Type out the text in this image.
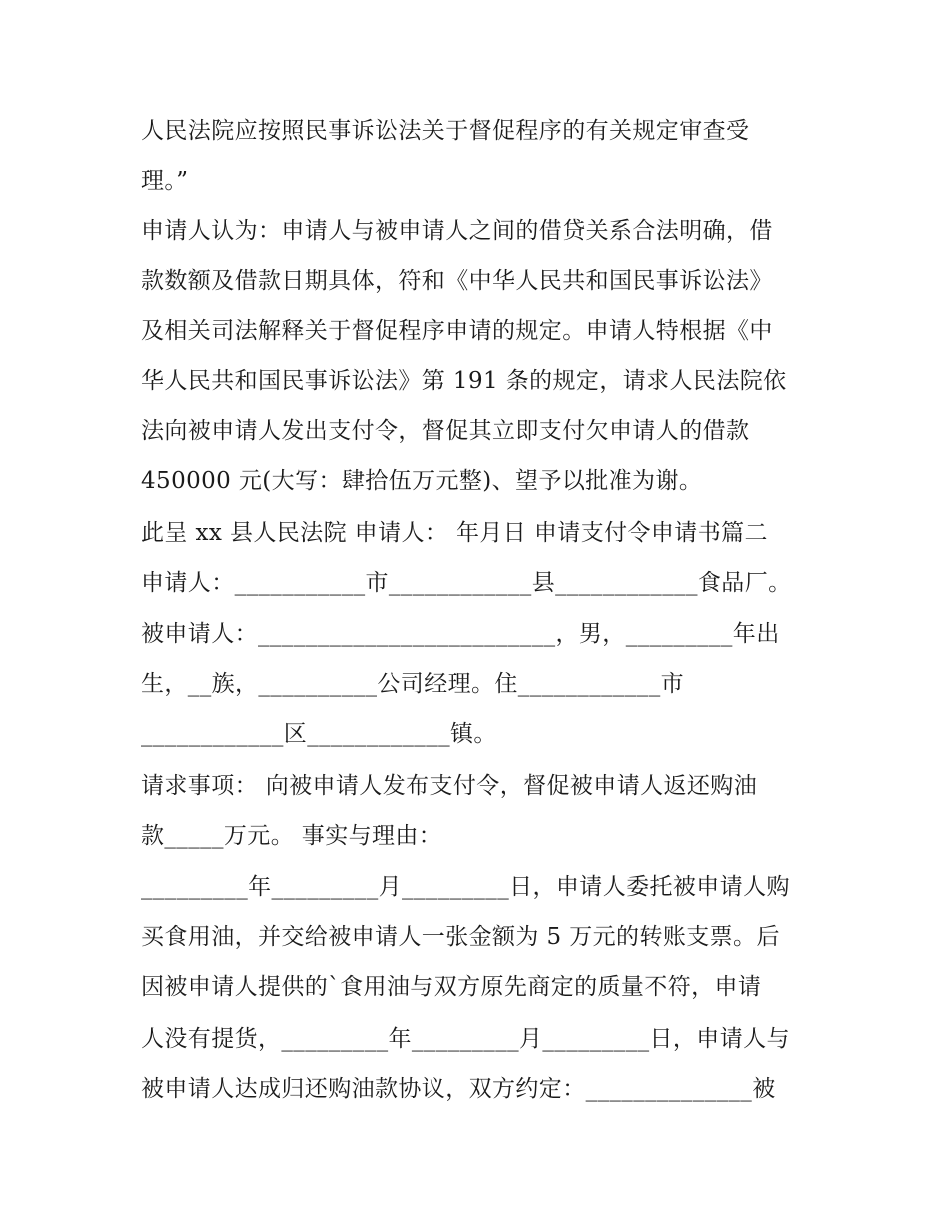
人民法院应按照民事诉讼法关于督促程序的有关规定审查受
理。”
申请人认为：申请人与被申请人之间的借贷关系合法明确，借
款数额及借款日期具体，符和《中华人民共和国民事诉讼法》
及相关司法解释关于督促程序申请的规定。申请人特根据《中
华人民共和国民事诉讼法》第 191 条的规定，请求人民法院依
法向被申请人发出支付令，督促其立即支付欠申请人的借款
450000 元(大写：肆拾伍万元整)、望予以批准为谢。
此呈 xx 县人民法院 申请人： 年月日 申请支付令申请书篇二
申请人：___________市____________县____________食品厂。
被申请人：_________________________，男，_________年出
生，__族，__________公司经理。住____________市
____________区____________镇。
请求事项： 向被申请人发布支付令，督促被申请人返还购油
款_____万元。 事实与理由：
_________年_________月_________日，申请人委托被申请人购
买食用油，并交给被申请人一张金额为 5 万元的转账支票。后
因被申请人提供的`食用油与双方原先商定的质量不符，申请
人没有提货，_________年_________月_________日，申请人与
被申请人达成归还购油款协议，双方约定：______________被
